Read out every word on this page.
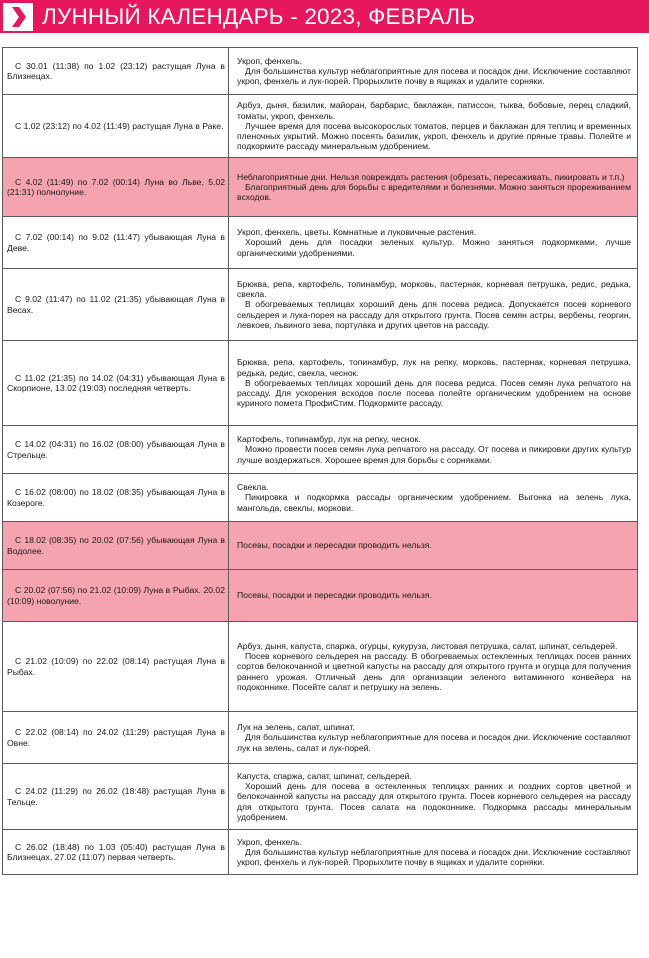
ЛУННЫЙ КАЛЕНДАРЬ - 2023, ФЕВРАЛЬ
С 30.01 (11:38) по 1.02 (23:12) растущая Луна в Близнецах.	Укроп, фенхель.

Для большинства культур неблагоприятные для посева и посадок дни. Исключение составляют укроп, фенхель и лук-порей. Прорыхлите почву в ящиках и удалите сорняки.

С 1.02 (23:12) по 4.02 (11:49) растущая Луна в Раке.	Арбуз, дыня, базилик, майоран, барбарис, баклажан, патиссон, тыква, бобовые, перец сладкий, томаты, укроп, фенхель.

Лучшее время для посева высокорослых томатов, перцев и баклажан для теплиц и временных пленочных укрытий. Можно посеять базилик, укроп, фенхель и другие пряные травы. Полейте и подкормите рассаду минеральным удобрением.

С 4.02 (11:49) по 7.02 (00:14) Луна во Льве, 5.02 (21:31) полнолуние.	Неблагоприятные дни. Нельзя повреждать растения (обрезать, пересаживать, пикировать и т.п.)

Благоприятный день для борьбы с вредителями и болезнями. Можно заняться прореживанием всходов.

С 7.02 (00:14) по 9.02 (11:47) убывающая Луна в Деве.	Укроп, фенхель, цветы. Комнатные и луковичные растения.

Хороший день для посадки зеленых культур. Можно заняться подкормками, лучше органическими удобрениями.

С 9.02 (11:47) по 11.02 (21:35) убывающая Луна в Весах.	Брюква, репа, картофель, топинамбур, морковь, пастернак, корневая петрушка, редис, редька, свекла.

В обогреваемых теплицах хороший день для посева редиса. Допускается посев корневого сельдерея и лука-порея на рассаду для открытого грунта. Посев семян астры, вербены, георгин, левкоев, львиного зева, портулака и других цветов на рассаду.

С 11.02 (21:35) по 14.02 (04:31) убывающая Луна в Скорпионе, 13.02 (19:03) последняя четверть.	Брюква, репа, картофель, топинамбур, лук на репку, морковь, пастернак, корневая петрушка, редька, редис, свекла, чеснок.

В обогреваемых теплицах хороший день для посева редиса. Посев семян лука репчатого на рассаду. Для ускорения всходов после посева полейте органическим удобрением на основе куриного помета ПрофиСтим. Подкормите рассаду.

С 14.02 (04:31) по 16.02 (08:00) убывающая Луна в Стрельце.	Картофель, топинамбур, лук на репку, чеснок.

Можно провести посев семян лука репчатого на рассаду. От посева и пикировки других культур лучше воздержаться. Хорошее время для борьбы с сорняками.

С 16.02 (08:00) по 18.02 (08:35) убывающая Луна в Козероге.	Свекла.

Пикировка и подкормка рассады органическим удобрением. Выгонка на зелень лука, мангольда, свеклы, моркови.

С 18.02 (08:35) по 20.02 (07:56) убывающая Луна в Водолее.	Посевы, посадки и пересадки проводить нельзя.

С 20.02 (07:56) по 21.02 (10:09) Луна в Рыбах. 20.02 (10:09) новолуние.	Посевы, посадки и пересадки проводить нельзя.

С 21.02 (10:09) по 22.02 (08:14) растущая Луна в Рыбах.	Арбуз, дыня, капуста, спаржа, огурцы, кукуруза, листовая петрушка, салат, шпинат, сельдерей.

Посев корневого сельдерея на рассаду. В обогреваемых остекленных теплицах посев ранних сортов белокочанной и цветной капусты на рассаду для открытого грунта и огурца для получения раннего урожая. Отличный день для организации зеленого витаминного конвейера на подоконнике. Посейте салат и петрушку на зелень.

С 22.02 (08:14) по 24.02 (11:29) растущая Луна в Овне.	Лук на зелень, салат, шпинат.

Для большинства культур неблагоприятные для посева и посадок дни. Исключение составляют лук на зелень, салат и лук-порей.

С 24.02 (11:29) по 26.02 (18:48) растущая Луна в Тельце.	Капуста, спаржа, салат, шпинат, сельдерей.

Хороший день для посева в остекленных теплицах ранних и поздних сортов цветной и белокочанной капусты на рассаду для открытого грунта. Посев корневого сельдерея на рассаду для открытого грунта. Посев салата на подоконнике. Подкормка рассады минеральным удобрением.

С 26.02 (18:48) по 1.03 (05:40) растущая Луна в Близнецах, 27.02 (11:07) первая четверть.	Укроп, фенхель.

Для большинства культур неблагоприятные для посева и посадок дни. Исключение составляют укроп, фенхель и лук-порей. Прорыхлите почву в ящиках и удалите сорняки.
